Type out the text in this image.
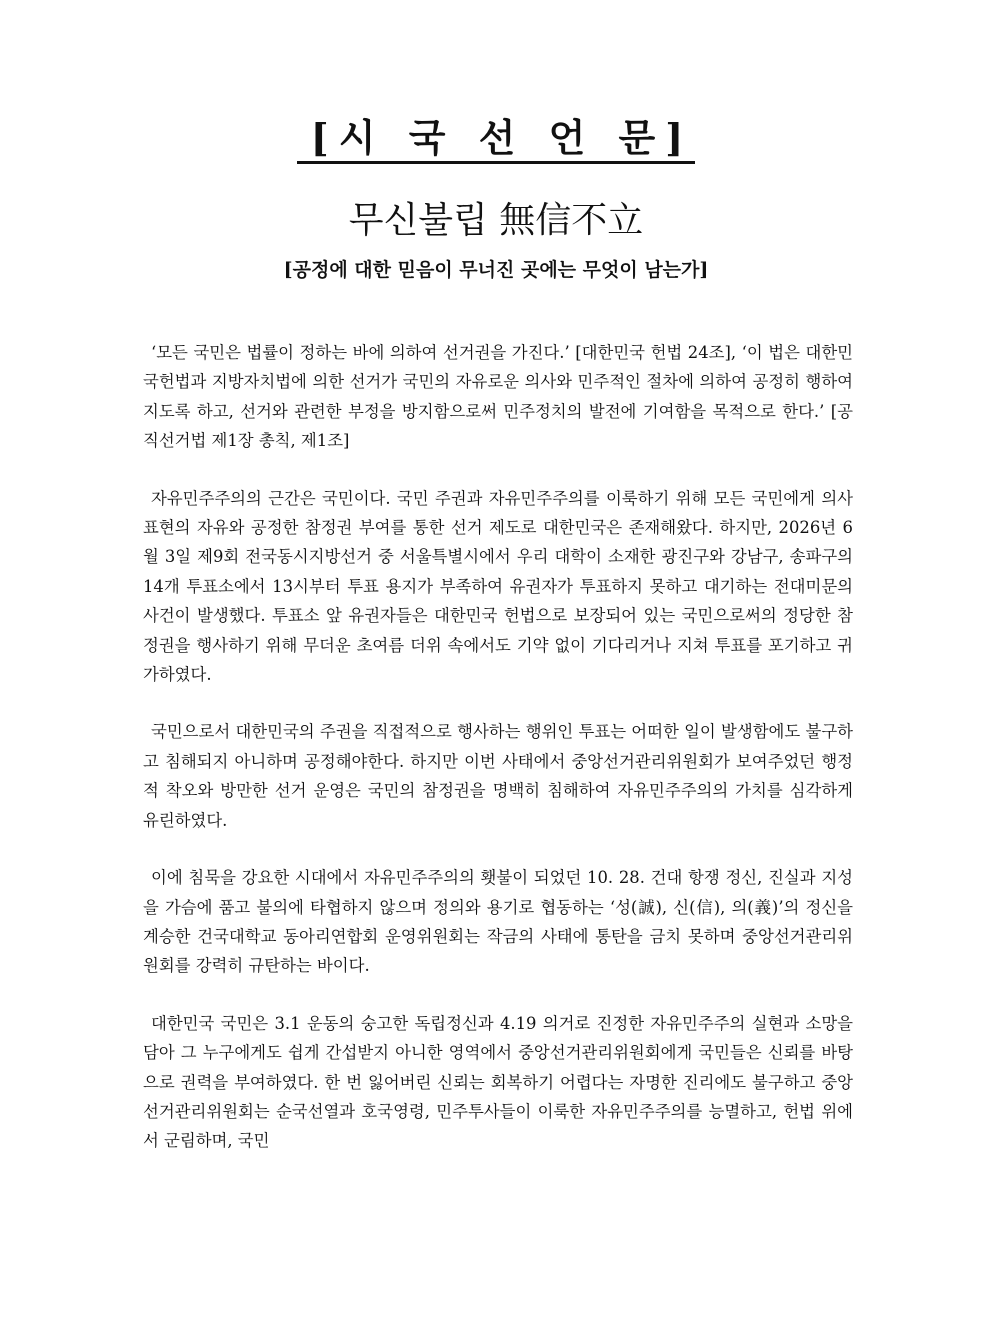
[시 국 선 언 문]
무신불립 無信不立
[공정에 대한 믿음이 무너진 곳에는 무엇이 남는가]

‘모든 국민은 법률이 정하는 바에 의하여 선거권을 가진다.’ [대한민국 헌법 24조], ‘이 법은 대한민국헌법과 지방자치법에 의한 선거가 국민의 자유로운 의사와 민주적인 절차에 의하여 공정히 행하여지도록 하고, 선거와 관련한 부정을 방지함으로써 민주정치의 발전에 기여함을 목적으로 한다.’ [공직선거법 제1장 총칙, 제1조]

자유민주주의의 근간은 국민이다. 국민 주권과 자유민주주의를 이룩하기 위해 모든 국민에게 의사 표현의 자유와 공정한 참정권 부여를 통한 선거 제도로 대한민국은 존재해왔다. 하지만, 2026년 6월 3일 제9회 전국동시지방선거 중 서울특별시에서 우리 대학이 소재한 광진구와 강남구, 송파구의 14개 투표소에서 13시부터 투표 용지가 부족하여 유권자가 투표하지 못하고 대기하는 전대미문의 사건이 발생했다. 투표소 앞 유권자들은 대한민국 헌법으로 보장되어 있는 국민으로써의 정당한 참정권을 행사하기 위해 무더운 초여름 더위 속에서도 기약 없이 기다리거나 지쳐 투표를 포기하고 귀가하였다.

국민으로서 대한민국의 주권을 직접적으로 행사하는 행위인 투표는 어떠한 일이 발생함에도 불구하고 침해되지 아니하며 공정해야한다. 하지만 이번 사태에서 중앙선거관리위원회가 보여주었던 행정적 착오와 방만한 선거 운영은 국민의 참정권을 명백히 침해하여 자유민주주의의 가치를 심각하게 유린하였다.

이에 침묵을 강요한 시대에서 자유민주주의의 횃불이 되었던 10. 28. 건대 항쟁 정신, 진실과 지성을 가슴에 품고 불의에 타협하지 않으며 정의와 용기로 협동하는 ‘성(誠), 신(信), 의(義)’의 정신을 계승한 건국대학교 동아리연합회 운영위원회는 작금의 사태에 통탄을 금치 못하며 중앙선거관리위원회를 강력히 규탄하는 바이다.

대한민국 국민은 3.1 운동의 숭고한 독립정신과 4.19 의거로 진정한 자유민주주의 실현과 소망을 담아 그 누구에게도 쉽게 간섭받지 아니한 영역에서 중앙선거관리위원회에게 국민들은 신뢰를 바탕으로 권력을 부여하였다. 한 번 잃어버린 신뢰는 회복하기 어렵다는 자명한 진리에도 불구하고 중앙선거관리위원회는 순국선열과 호국영령, 민주투사들이 이룩한 자유민주주의를 능멸하고, 헌법 위에서 군림하며, 국민
